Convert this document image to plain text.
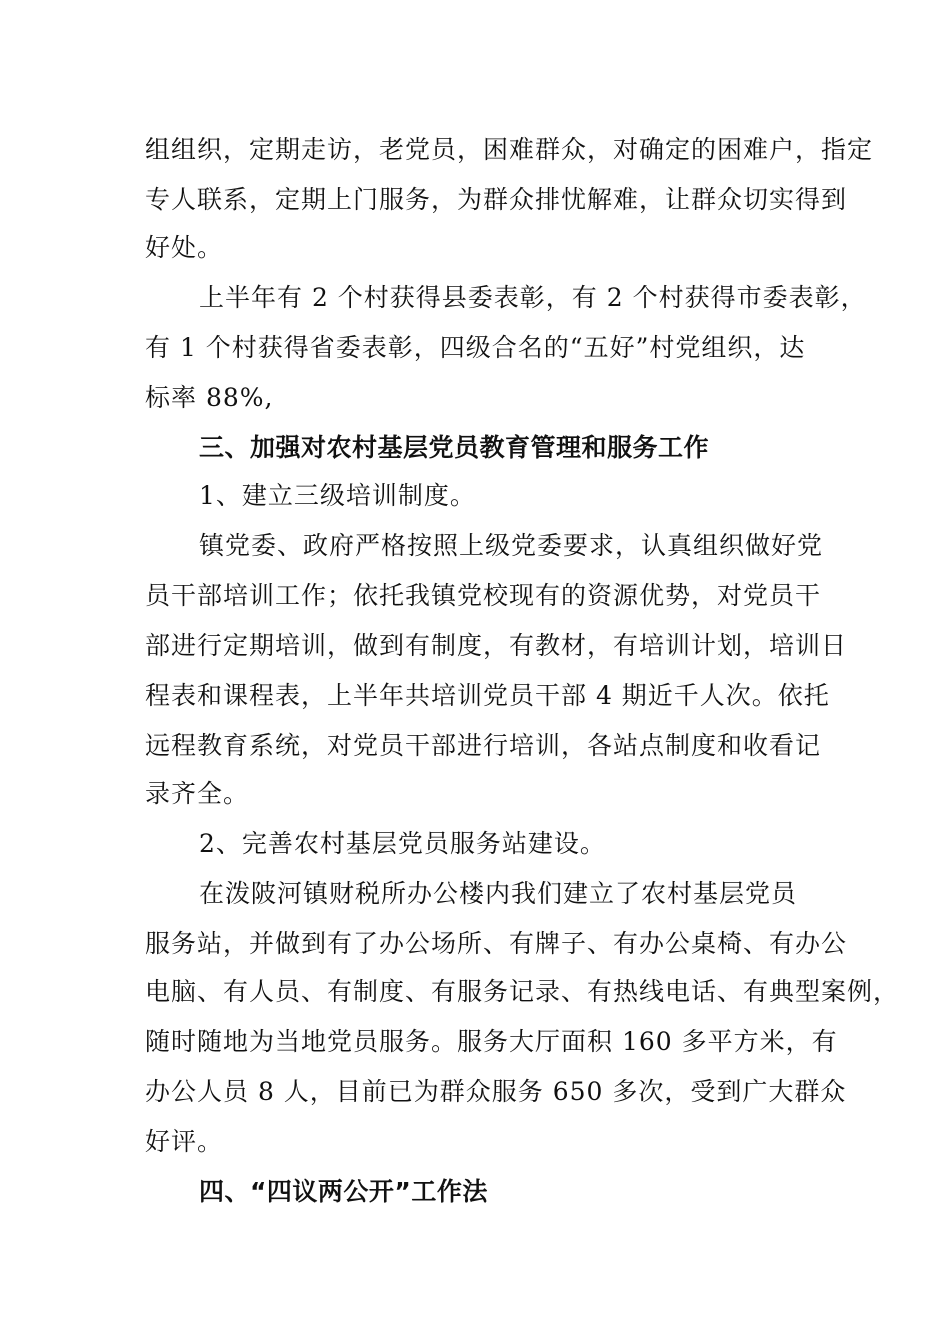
组组织，定期走访，老党员，困难群众，对确定的困难户，指定
专人联系，定期上门服务，为群众排忧解难，让群众切实得到
好处。
上半年有 2 个村获得县委表彰，有 2 个村获得市委表彰，
有 1 个村获得省委表彰，四级合名的“五好”村党组织，达
标率 88%,
三、加强对农村基层党员教育管理和服务工作
1、建立三级培训制度。
镇党委、政府严格按照上级党委要求，认真组织做好党
员干部培训工作；依托我镇党校现有的资源优势，对党员干
部进行定期培训，做到有制度，有教材，有培训计划，培训日
程表和课程表，上半年共培训党员干部 4 期近千人次。依托
远程教育系统，对党员干部进行培训，各站点制度和收看记
录齐全。
2、完善农村基层党员服务站建设。
在泼陂河镇财税所办公楼内我们建立了农村基层党员
服务站，并做到有了办公场所、有牌子、有办公桌椅、有办公
电脑、有人员、有制度、有服务记录、有热线电话、有典型案例，
随时随地为当地党员服务。服务大厅面积 160 多平方米，有
办公人员 8 人，目前已为群众服务 650 多次，受到广大群众
好评。
四、“四议两公开”工作法
